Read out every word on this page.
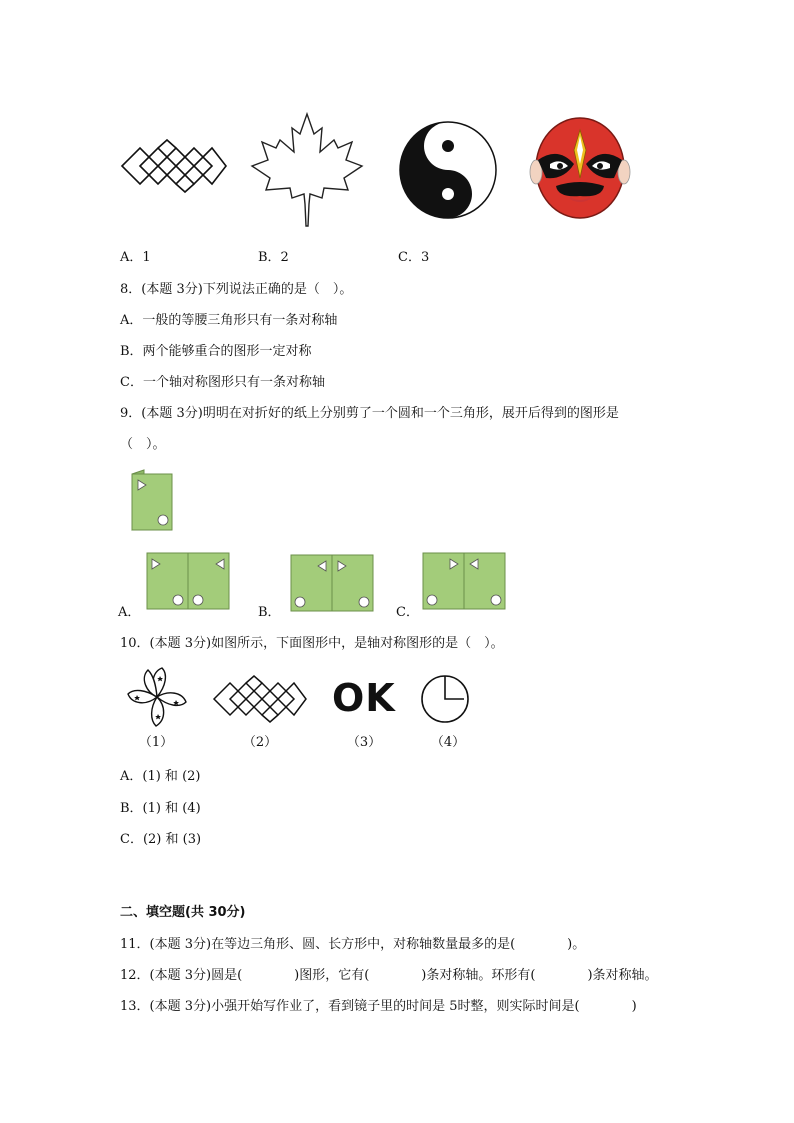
A．1	B．2	C．3
8．(本题 3分)下列说法正确的是（　）。
A．一般的等腰三角形只有一条对称轴
B．两个能够重合的图形一定对称
C．一个轴对称图形只有一条对称轴
9．(本题 3分)明明在对折好的纸上分别剪了一个圆和一个三角形，展开后得到的图形是
（　）。
A．	B．	C．
10．(本题 3分)如图所示，下面图形中，是轴对称图形的是（　）。
OK
（1）	（2）	（3）	（4）
A．(1) 和 (2)
B．(1) 和 (4)
C．(2) 和 (3)
二、填空题(共 30分)
11．(本题 3分)在等边三角形、圆、长方形中，对称轴数量最多的是(　　　　)。
12．(本题 3分)圆是(　　　　)图形，它有(　　　　)条对称轴。环形有(　　　　)条对称轴。
13．(本题 3分)小强开始写作业了，看到镜子里的时间是 5时整，则实际时间是(　　　　)
